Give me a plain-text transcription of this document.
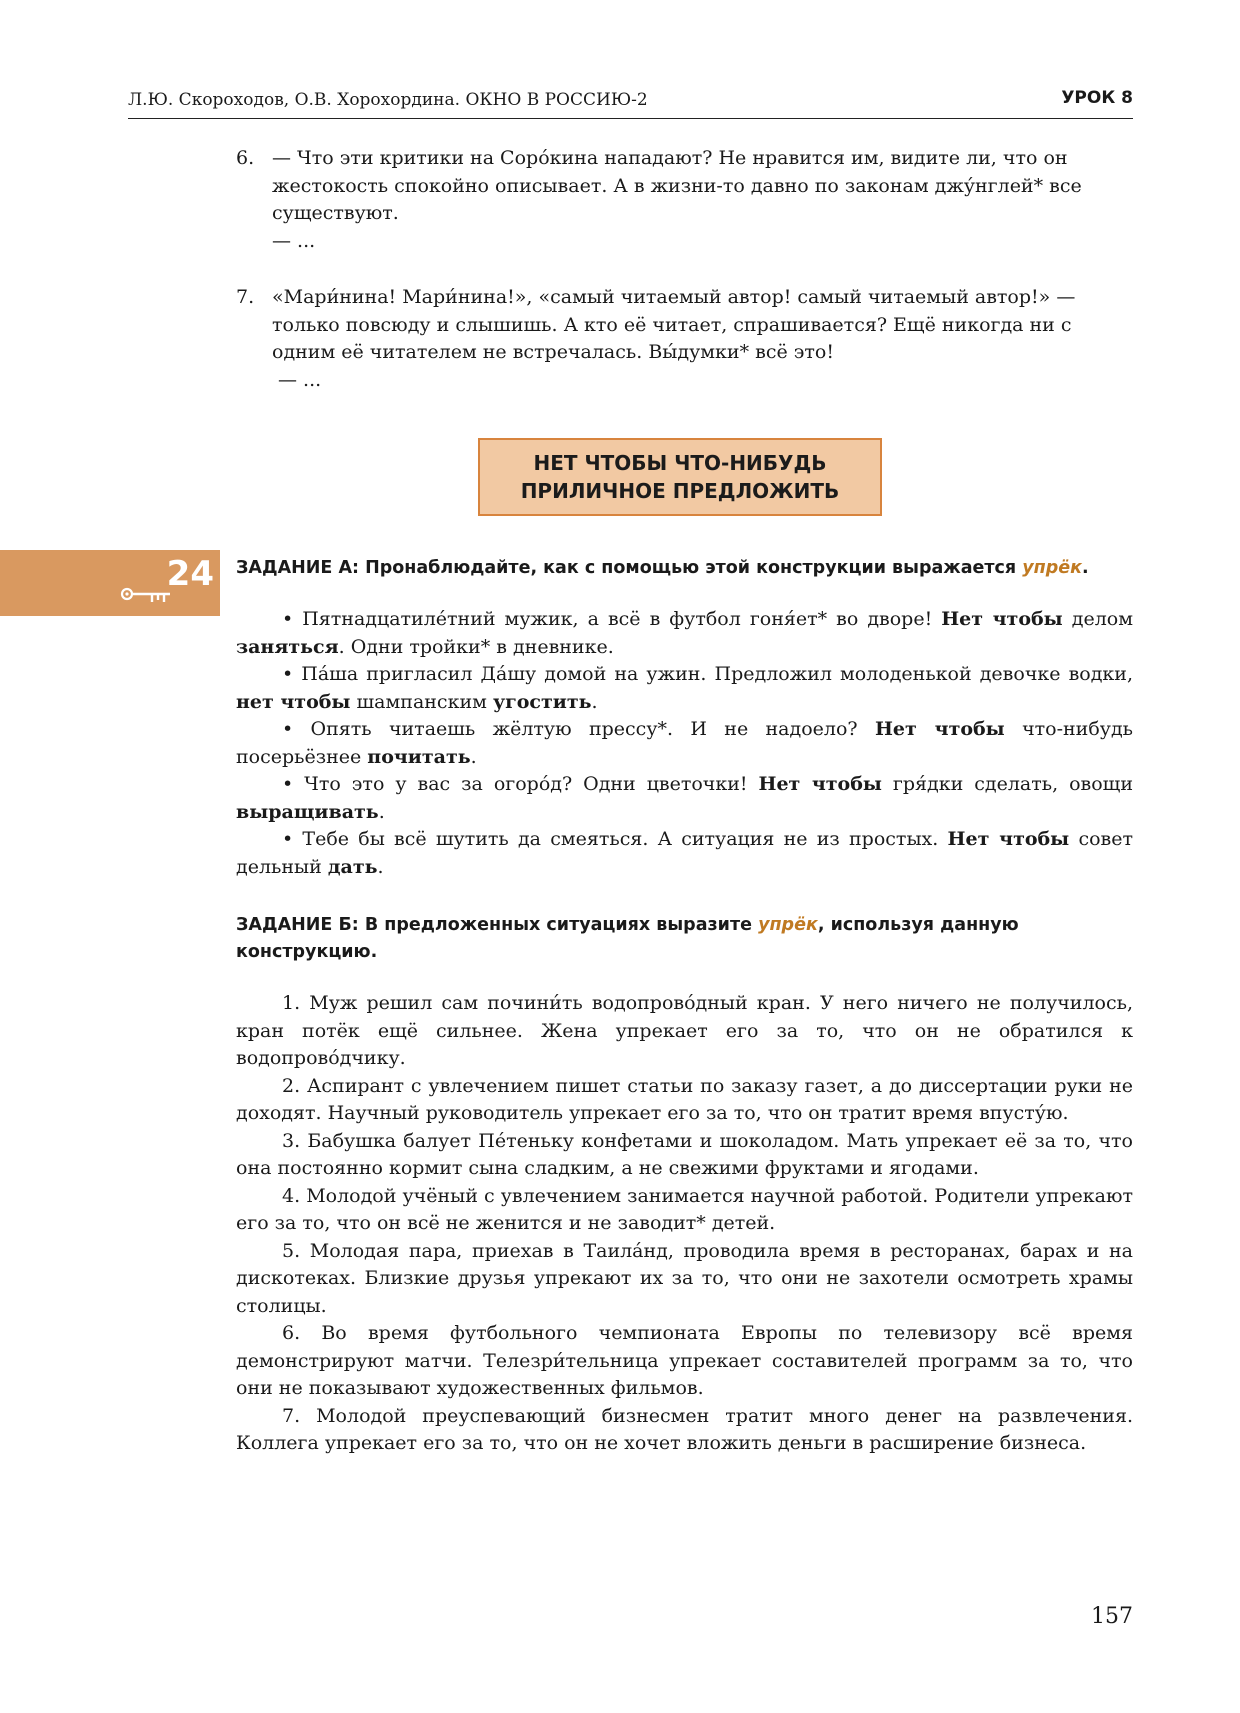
Л.Ю. Скороходов, О.В. Хорохордина. ОКНО В РОССИЮ-2	УРОК 8
6. — Что эти критики на Соро́кина нападают? Не нравится им, видите ли, что он жестокость спокойно описывает. А в жизни-то давно по законам джу́нглей* все существуют.
— ...
7. «Мари́нина! Мари́нина!», «самый читаемый автор! самый читаемый автор!» — только повсюду и слышишь. А кто её читает, спрашивается? Ещё никогда ни с одним её читателем не встречалась. Вы́думки* всё это!
— ...
НЕТ ЧТОБЫ ЧТО-НИБУДЬ
ПРИЛИЧНОЕ ПРЕДЛОЖИТЬ
24 ЗАДАНИЕ А: Пронаблюдайте, как с помощью этой конструкции выражается упрёк.

• Пятнадцатиле́тний мужик, а всё в футбол гоня́ет* во дворе! Нет чтобы делом заняться. Одни тройки* в дневнике.

• Па́ша пригласил Да́шу домой на ужин. Предложил молоденькой девочке водки, нет чтобы шампанским угостить.

• Опять читаешь жёлтую прессу*. И не надоело? Нет чтобы что-нибудь посерьёзнее почитать.

• Что это у вас за огоро́д? Одни цветочки! Нет чтобы гря́дки сделать, овощи выращивать.

• Тебе бы всё шутить да смеяться. А ситуация не из простых. Нет чтобы совет дельный дать.

ЗАДАНИЕ Б: В предложенных ситуациях выразите упрёк, используя данную конструкцию.

1. Муж решил сам почини́ть водопрово́дный кран. У него ничего не получилось, кран потёк ещё сильнее. Жена упрекает его за то, что он не обратился к водопрово́дчику.

2. Аспирант с увлечением пишет статьи по заказу газет, а до диссертации руки не доходят. Научный руководитель упрекает его за то, что он тратит время впусту́ю.

3. Бабушка балует Пе́теньку конфетами и шоколадом. Мать упрекает её за то, что она постоянно кормит сына сладким, а не свежими фруктами и ягодами.

4. Молодой учёный с увлечением занимается научной работой. Родители упрекают его за то, что он всё не женится и не заводит* детей.

5. Молодая пара, приехав в Таила́нд, проводила время в ресторанах, барах и на дискотеках. Близкие друзья упрекают их за то, что они не захотели осмотреть храмы столицы.

6. Во время футбольного чемпионата Европы по телевизору всё время демонстрируют матчи. Телезри́тельница упрекает составителей программ за то, что они не показывают художественных фильмов.

7. Молодой преуспевающий бизнесмен тратит много денег на развлечения. Коллега упрекает его за то, что он не хочет вложить деньги в расширение бизнеса.

157
